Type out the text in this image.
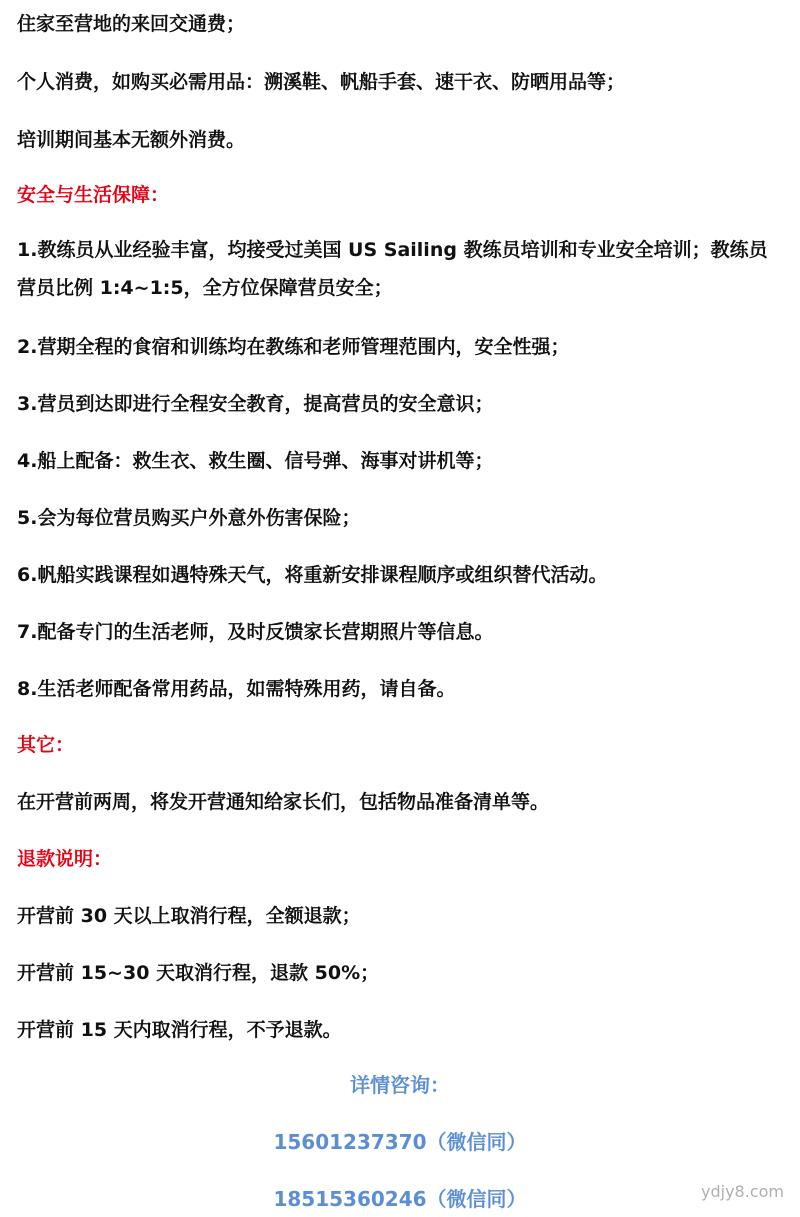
住家至营地的来回交通费；
个人消费，如购买必需用品：溯溪鞋、帆船手套、速干衣、防晒用品等；
培训期间基本无额外消费。
安全与生活保障：
1.教练员从业经验丰富，均接受过美国 US Sailing 教练员培训和专业安全培训；教练员营员比例 1:4~1:5，全方位保障营员安全；
2.营期全程的食宿和训练均在教练和老师管理范围内，安全性强；
3.营员到达即进行全程安全教育，提高营员的安全意识；
4.船上配备：救生衣、救生圈、信号弹、海事对讲机等；
5.会为每位营员购买户外意外伤害保险；
6.帆船实践课程如遇特殊天气，将重新安排课程顺序或组织替代活动。
7.配备专门的生活老师，及时反馈家长营期照片等信息。
8.生活老师配备常用药品，如需特殊用药，请自备。
其它：
在开营前两周，将发开营通知给家长们，包括物品准备清单等。
退款说明：
开营前 30 天以上取消行程，全额退款；
开营前 15~30 天取消行程，退款 50%；
开营前 15 天内取消行程，不予退款。
详情咨询：
15601237370（微信同）
18515360246（微信同）	ydjy8.com
